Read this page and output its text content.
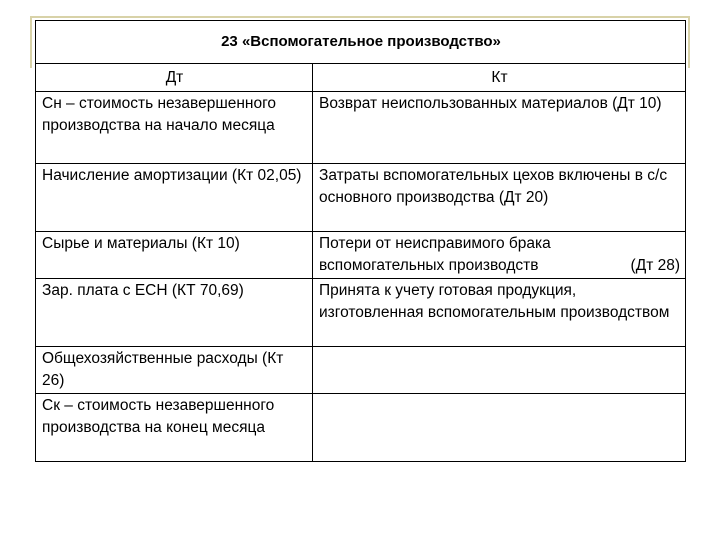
23 «Вспомогательное производство»	
Дт	Кт
Сн – стоимость незавершенного производства на начало месяца	Возврат неиспользованных материалов (Дт 10)
Начисление амортизации (Кт 02,05)	Затраты вспомогательных цехов включены в с/с основного производства (Дт 20)
Сырье и материалы (Кт 10)	Потери от неисправимого брака
вспомогательных производств (Дт 28)

Зар. плата с ЕСН (КТ 70,69)	Принята к учету готовая продукция, изготовленная вспомогательным производством
Общехозяйственные расходы (Кт 26)	
Ск – стоимость незавершенного производства на конец месяца	
